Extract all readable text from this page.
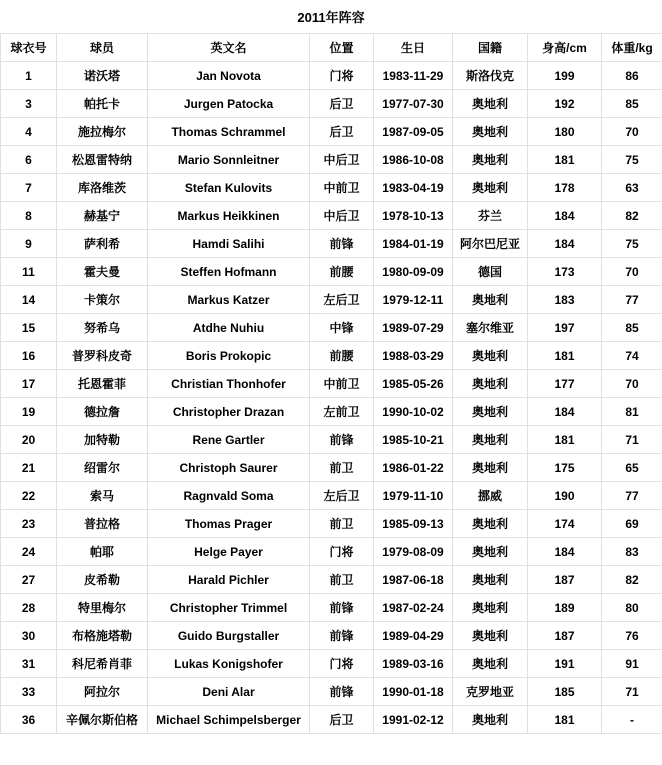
2011年阵容
球衣号	球员	英文名	位置	生日	国籍	身高/cm	体重/kg
1	诺沃塔	Jan Novota	门将	1983-11-29	斯洛伐克	199	86
3	帕托卡	Jurgen Patocka	后卫	1977-07-30	奥地利	192	85
4	施拉梅尔	Thomas Schrammel	后卫	1987-09-05	奥地利	180	70
6	松恩雷特纳	Mario Sonnleitner	中后卫	1986-10-08	奥地利	181	75
7	库洛维茨	Stefan Kulovits	中前卫	1983-04-19	奥地利	178	63
8	赫基宁	Markus Heikkinen	中后卫	1978-10-13	芬兰	184	82
9	萨利希	Hamdi Salihi	前锋	1984-01-19	阿尔巴尼亚	184	75
11	霍夫曼	Steffen Hofmann	前腰	1980-09-09	德国	173	70
14	卡策尔	Markus Katzer	左后卫	1979-12-11	奥地利	183	77
15	努希乌	Atdhe Nuhiu	中锋	1989-07-29	塞尔维亚	197	85
16	普罗科皮奇	Boris Prokopic	前腰	1988-03-29	奥地利	181	74
17	托恩霍菲	Christian Thonhofer	中前卫	1985-05-26	奥地利	177	70
19	德拉詹	Christopher Drazan	左前卫	1990-10-02	奥地利	184	81
20	加特勒	Rene Gartler	前锋	1985-10-21	奥地利	181	71
21	绍雷尔	Christoph Saurer	前卫	1986-01-22	奥地利	175	65
22	索马	Ragnvald Soma	左后卫	1979-11-10	挪威	190	77
23	普拉格	Thomas Prager	前卫	1985-09-13	奥地利	174	69
24	帕耶	Helge Payer	门将	1979-08-09	奥地利	184	83
27	皮希勒	Harald Pichler	前卫	1987-06-18	奥地利	187	82
28	特里梅尔	Christopher Trimmel	前锋	1987-02-24	奥地利	189	80
30	布格施塔勒	Guido Burgstaller	前锋	1989-04-29	奥地利	187	76
31	科尼希肖菲	Lukas Konigshofer	门将	1989-03-16	奥地利	191	91
33	阿拉尔	Deni Alar	前锋	1990-01-18	克罗地亚	185	71
36	辛佩尔斯伯格	Michael Schimpelsberger	后卫	1991-02-12	奥地利	181	-
